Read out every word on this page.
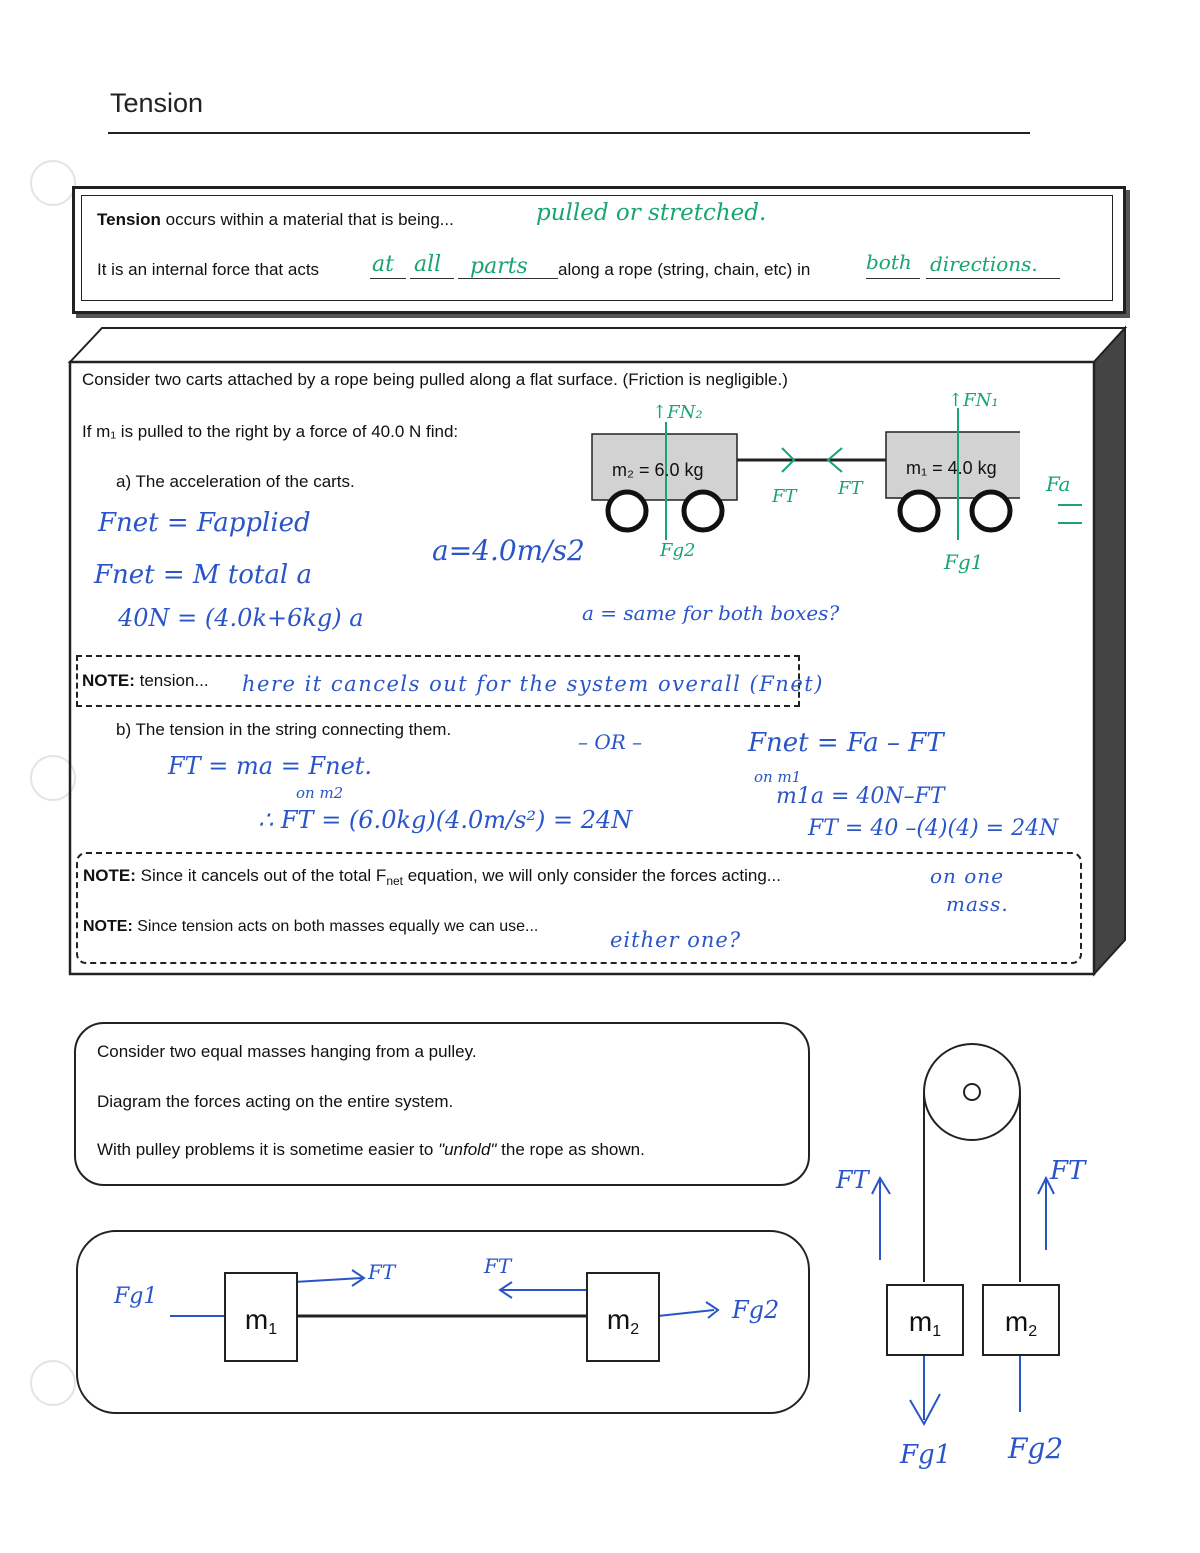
Tension
Tension occurs within a material that is being...	pulled or stretched.
It is an internal force that acts at all parts along a rope (string, chain, etc) in	both directions.
Consider two carts attached by a rope being pulled along a flat surface. (Friction is negligible.)
If m₁ is pulled to the right by a force of 40.0 N find:
a) The acceleration of the carts.
m₂ = 6.0 kg	m₁ = 4.0 kg
↑FN₂
↑FN₁
FT FT	Fa
Fg2	Fg1
Fnet = Fapplied
Fnet = M total a
40N = (4.0k+6kg) a
a=4.0m/s2
a = same for both boxes?
NOTE: tension... here it cancels out for the system overall (Fnet)
b) The tension in the string connecting them.
FT = ma = Fnet.
on m2
∴ FT = (6.0kg)(4.0m/s²) = 24N
– OR –	Fnet = Fa – FT
on m1
m1a = 40N–FT
FT = 40 –(4)(4) = 24N
NOTE: Since it cancels out of the total $F_{net}$ equation, we will only consider the forces acting...	on one
mass.
NOTE: Since tension acts on both masses equally we can use...
either one?
Consider two equal masses hanging from a pulley.
Diagram the forces acting on the entire system.
With pulley problems it is sometime easier to "unfold" the rope as shown.
$m_1$	$m_2$
Fg1
FT	FT
Fg2	$m_1$	$m_2$
FT	FT
Fg1 Fg2
